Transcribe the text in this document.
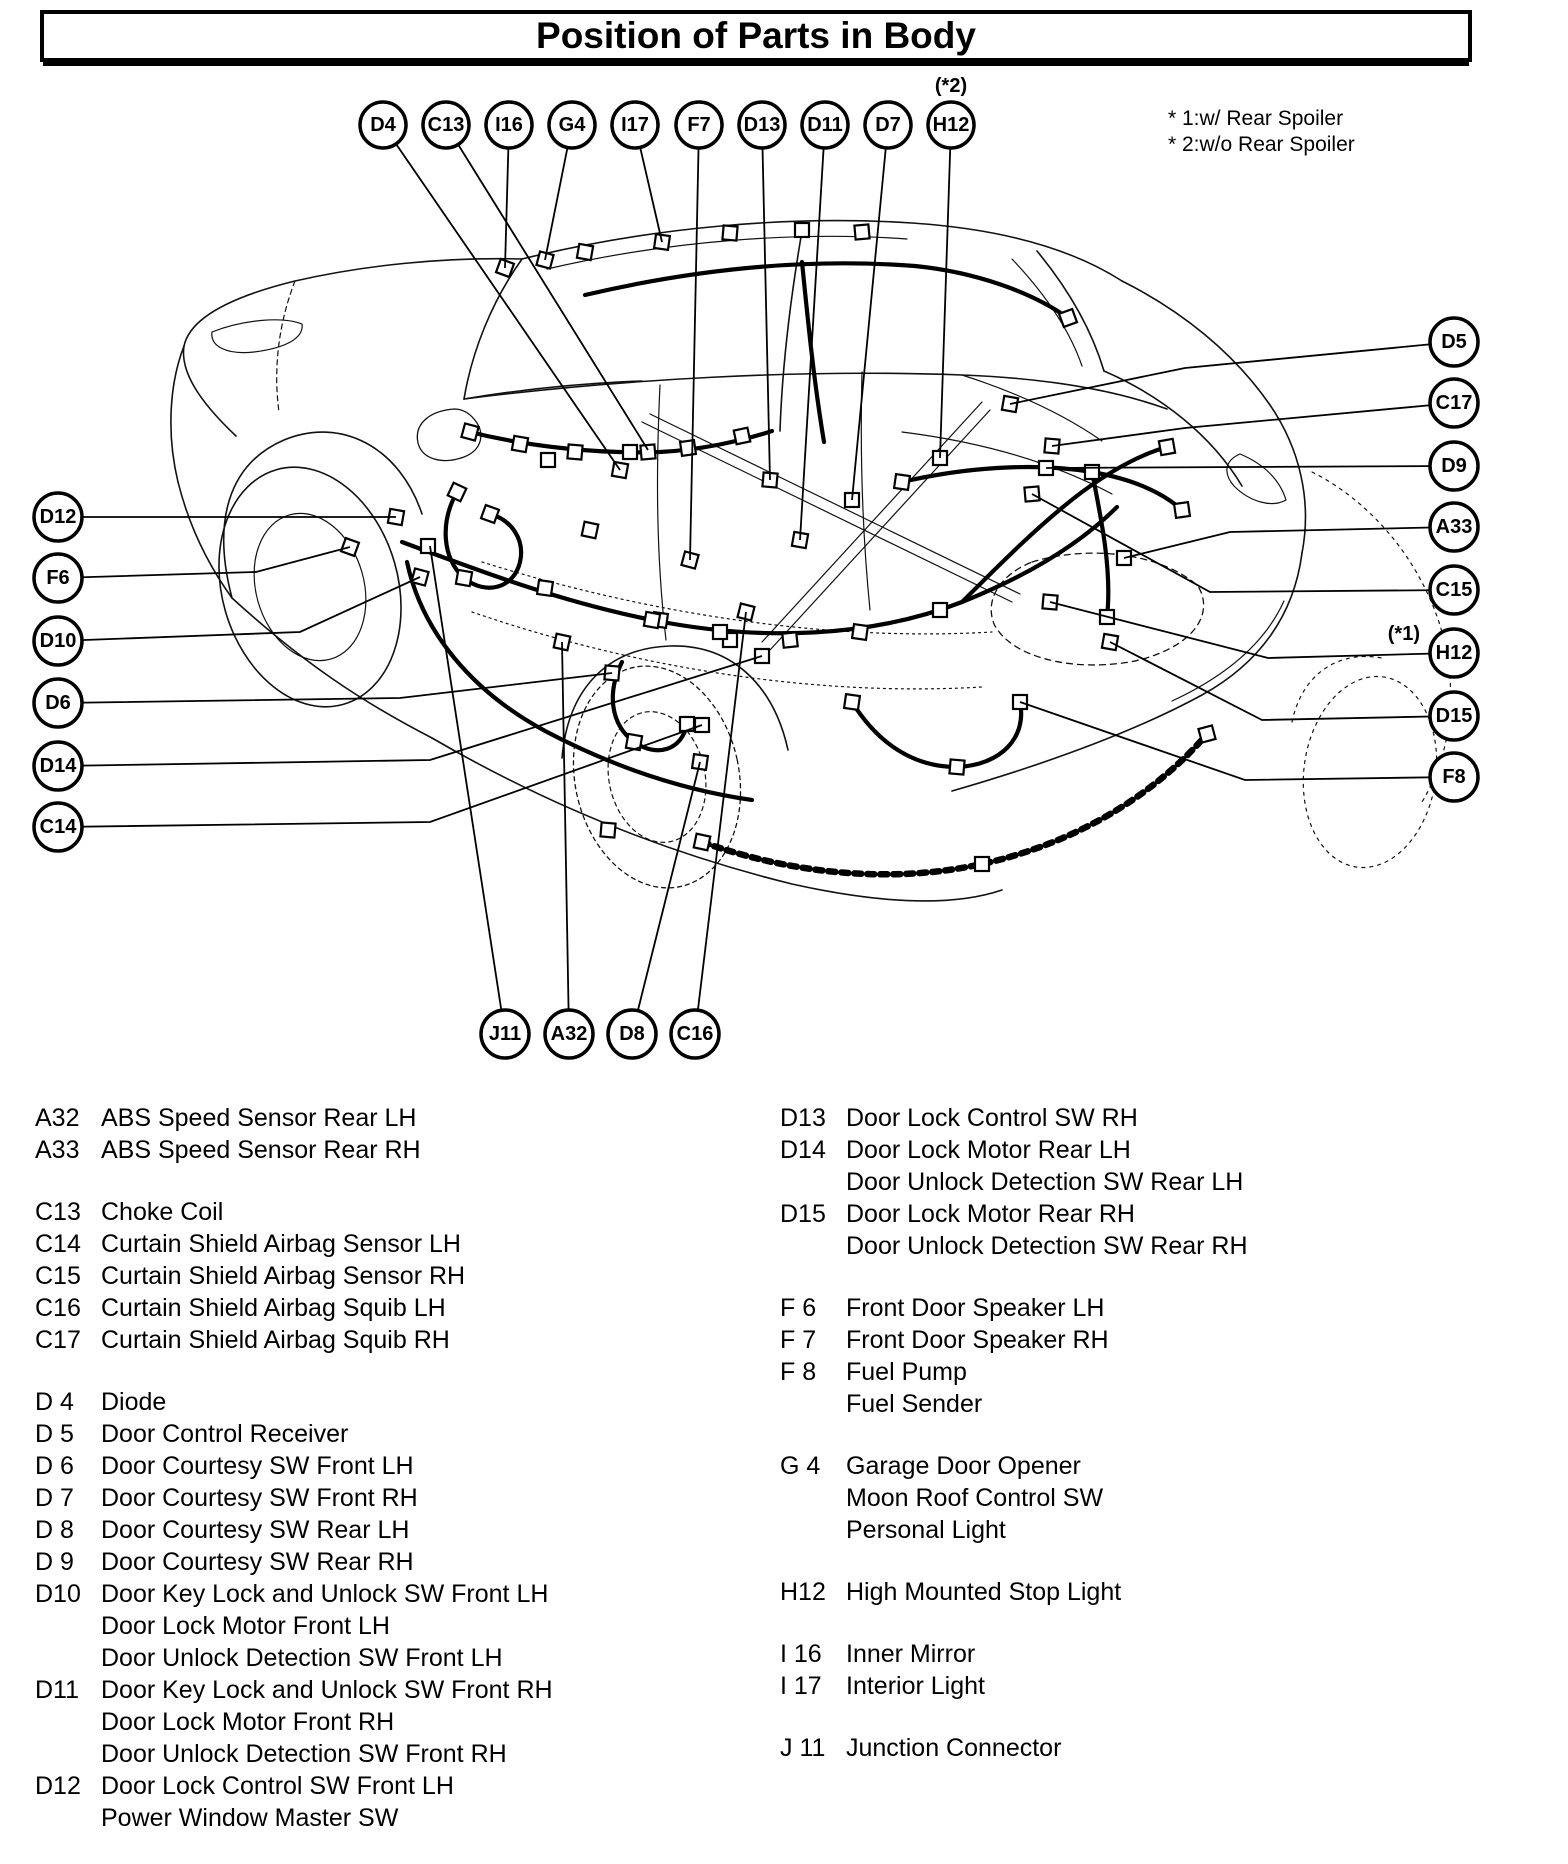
Position of Parts in Body
* 1:w/ Rear Spoiler
* 2:w/o Rear Spoiler
D4 C13 I16 G4 I17 F7 D13 D11 D7 H12
(*2)
D5
C17
D9
A33
C15
H12
(*1)
D15
F8
D12
F6
D10
D6
D14
C14
J11 A32 D8 C16
A32 ABS Speed Sensor Rear LH
A33 ABS Speed Sensor Rear RH
C13 Choke Coil
C14 Curtain Shield Airbag Sensor LH
C15 Curtain Shield Airbag Sensor RH
C16 Curtain Shield Airbag Squib LH
C17 Curtain Shield Airbag Squib RH
D 4	Diode
D 5	Door Control Receiver
D 6	Door Courtesy SW Front LH
D 7	Door Courtesy SW Front RH
D 8	Door Courtesy SW Rear LH
D 9	Door Courtesy SW Rear RH
D10 Door Key Lock and Unlock SW Front LH
Door Lock Motor Front LH
Door Unlock Detection SW Front LH
D11 Door Key Lock and Unlock SW Front RH
Door Lock Motor Front RH
Door Unlock Detection SW Front RH
D12 Door Lock Control SW Front LH
Power Window Master SW
D13 Door Lock Control SW RH
D14 Door Lock Motor Rear LH
Door Unlock Detection SW Rear LH
D15 Door Lock Motor Rear RH
Door Unlock Detection SW Rear RH
F 6	Front Door Speaker LH
F 7	Front Door Speaker RH
F 8	Fuel Pump
Fuel Sender
G 4	Garage Door Opener
Moon Roof Control SW
Personal Light
H12 High Mounted Stop Light
I 16 Inner Mirror
I 17 Interior Light
J 11 Junction Connector
